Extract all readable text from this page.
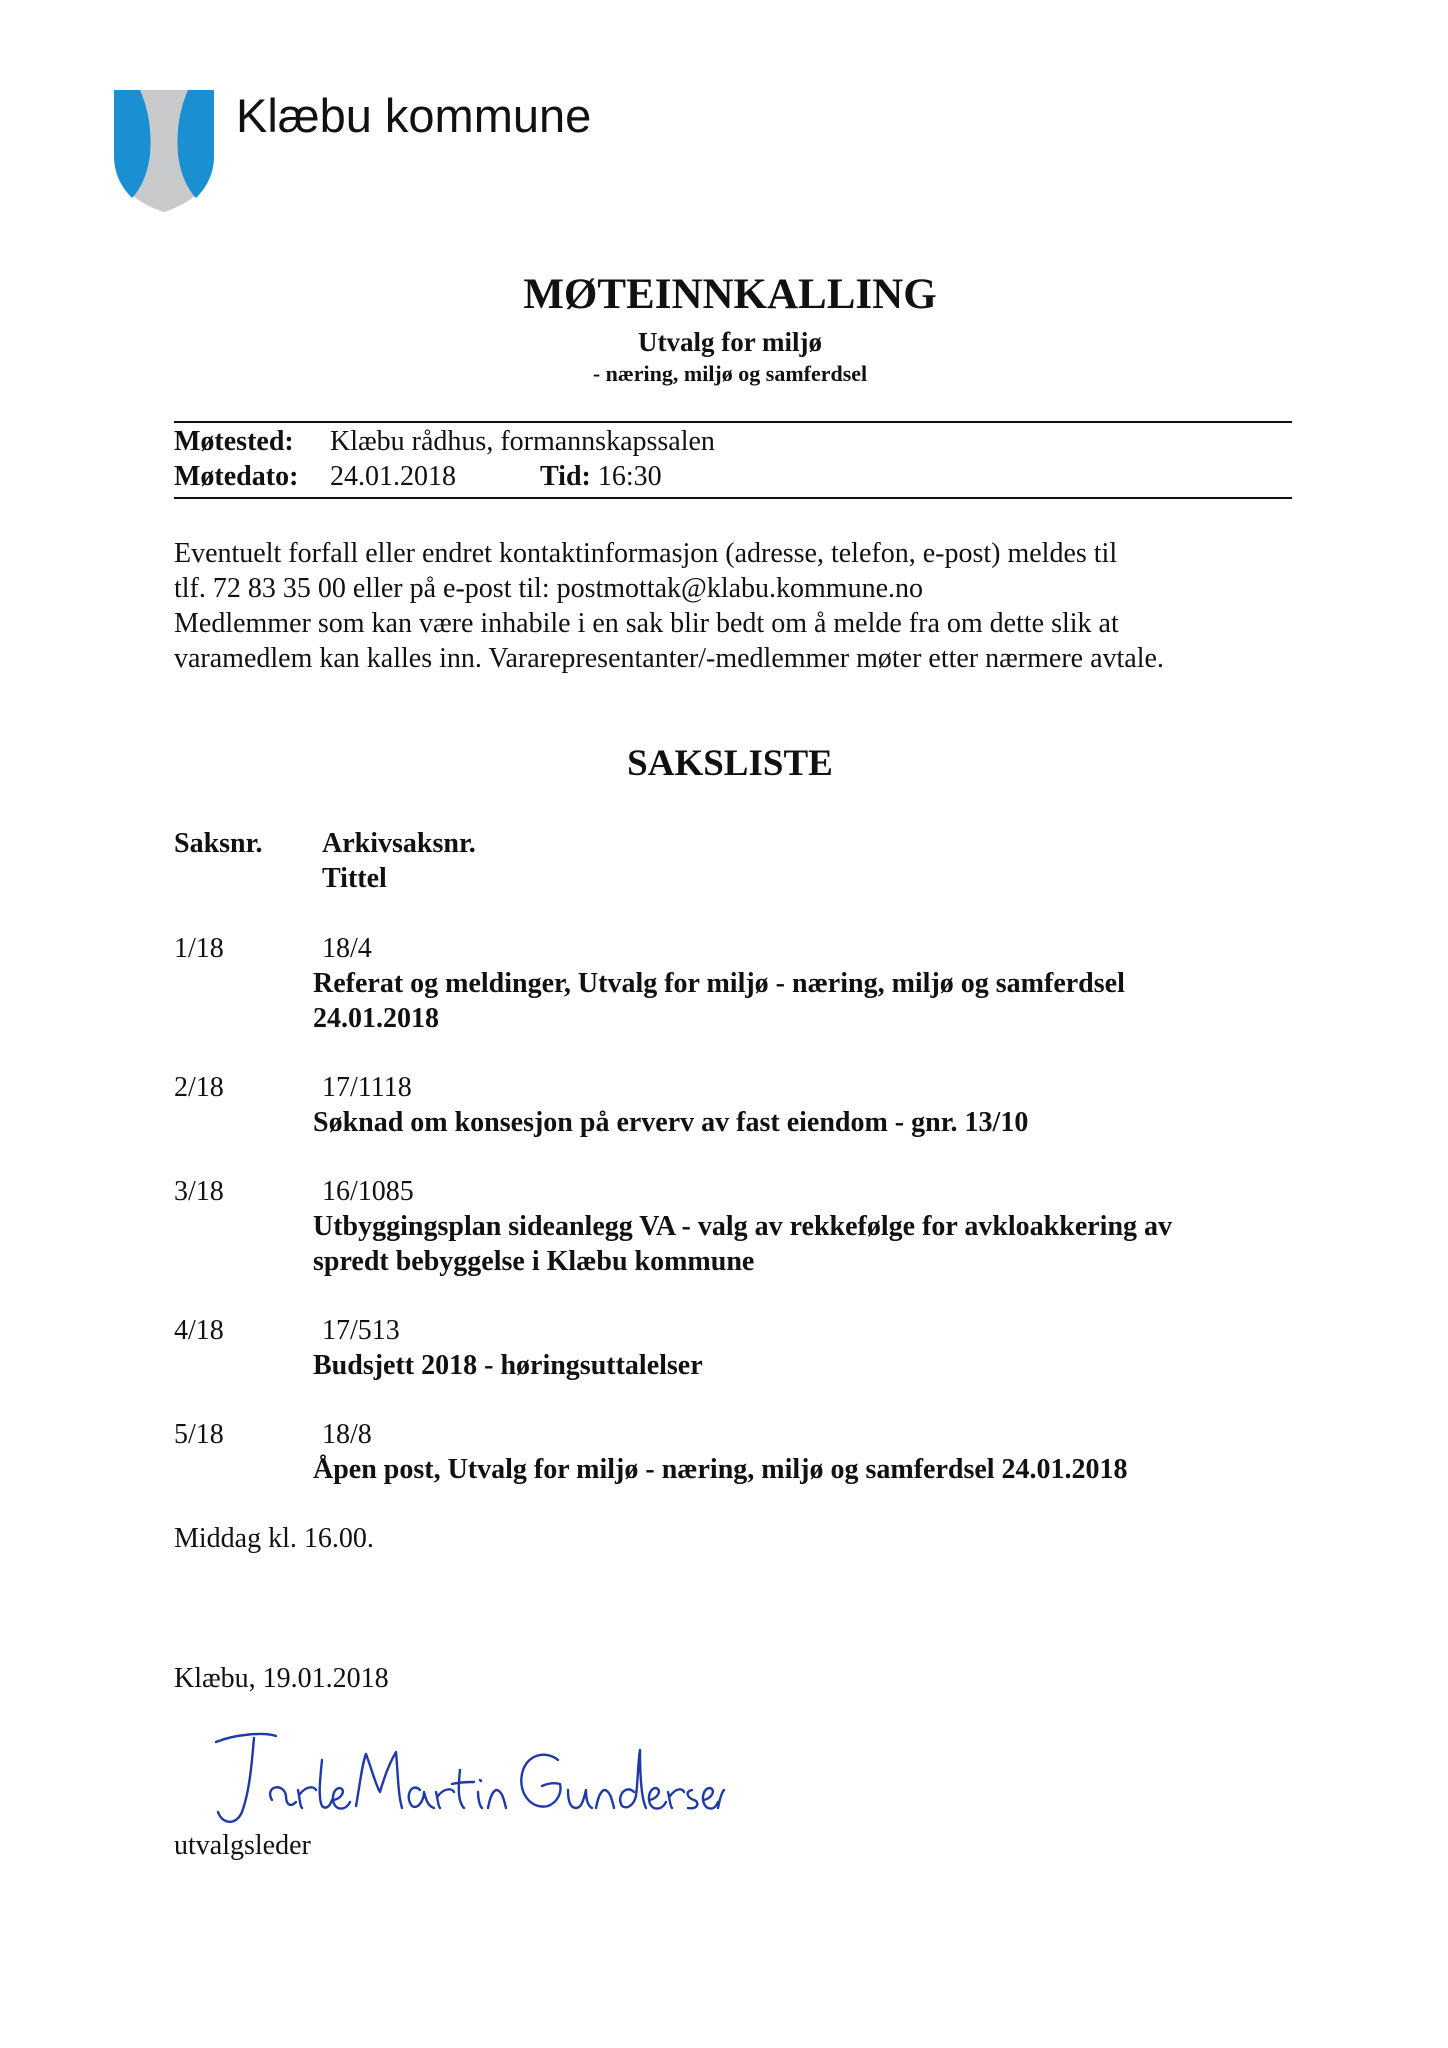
Klæbu kommune
MØTEINNKALLING
Utvalg for miljø
- næring, miljø og samferdsel
Møtested: Klæbu rådhus, formannskapssalen
Møtedato: 24.01.2018	Tid: 16:30

Eventuelt forfall eller endret kontaktinformasjon (adresse, telefon, e-post) meldes til

tlf. 72 83 35 00 eller på e-post til: postmottak@klabu.kommune.no

Medlemmer som kan være inhabile i en sak blir bedt om å melde fra om dette slik at

varamedlem kan kalles inn. Vararepresentanter/-medlemmer møter etter nærmere avtale.

SAKSLISTE
Saksnr. Arkivsaksnr.
Tittel
1/18	18/4
Referat og meldinger, Utvalg for miljø - næring, miljø og samferdsel
24.01.2018
2/18	17/1118
Søknad om konsesjon på erverv av fast eiendom - gnr. 13/10
3/18	16/1085
Utbyggingsplan sideanlegg VA - valg av rekkefølge for avkloakkering av
spredt bebyggelse i Klæbu kommune
4/18	17/513
Budsjett 2018 - høringsuttalelser
5/18	18/8
Åpen post, Utvalg for miljø - næring, miljø og samferdsel 24.01.2018
Middag kl. 16.00.
Klæbu, 19.01.2018
utvalgsleder
